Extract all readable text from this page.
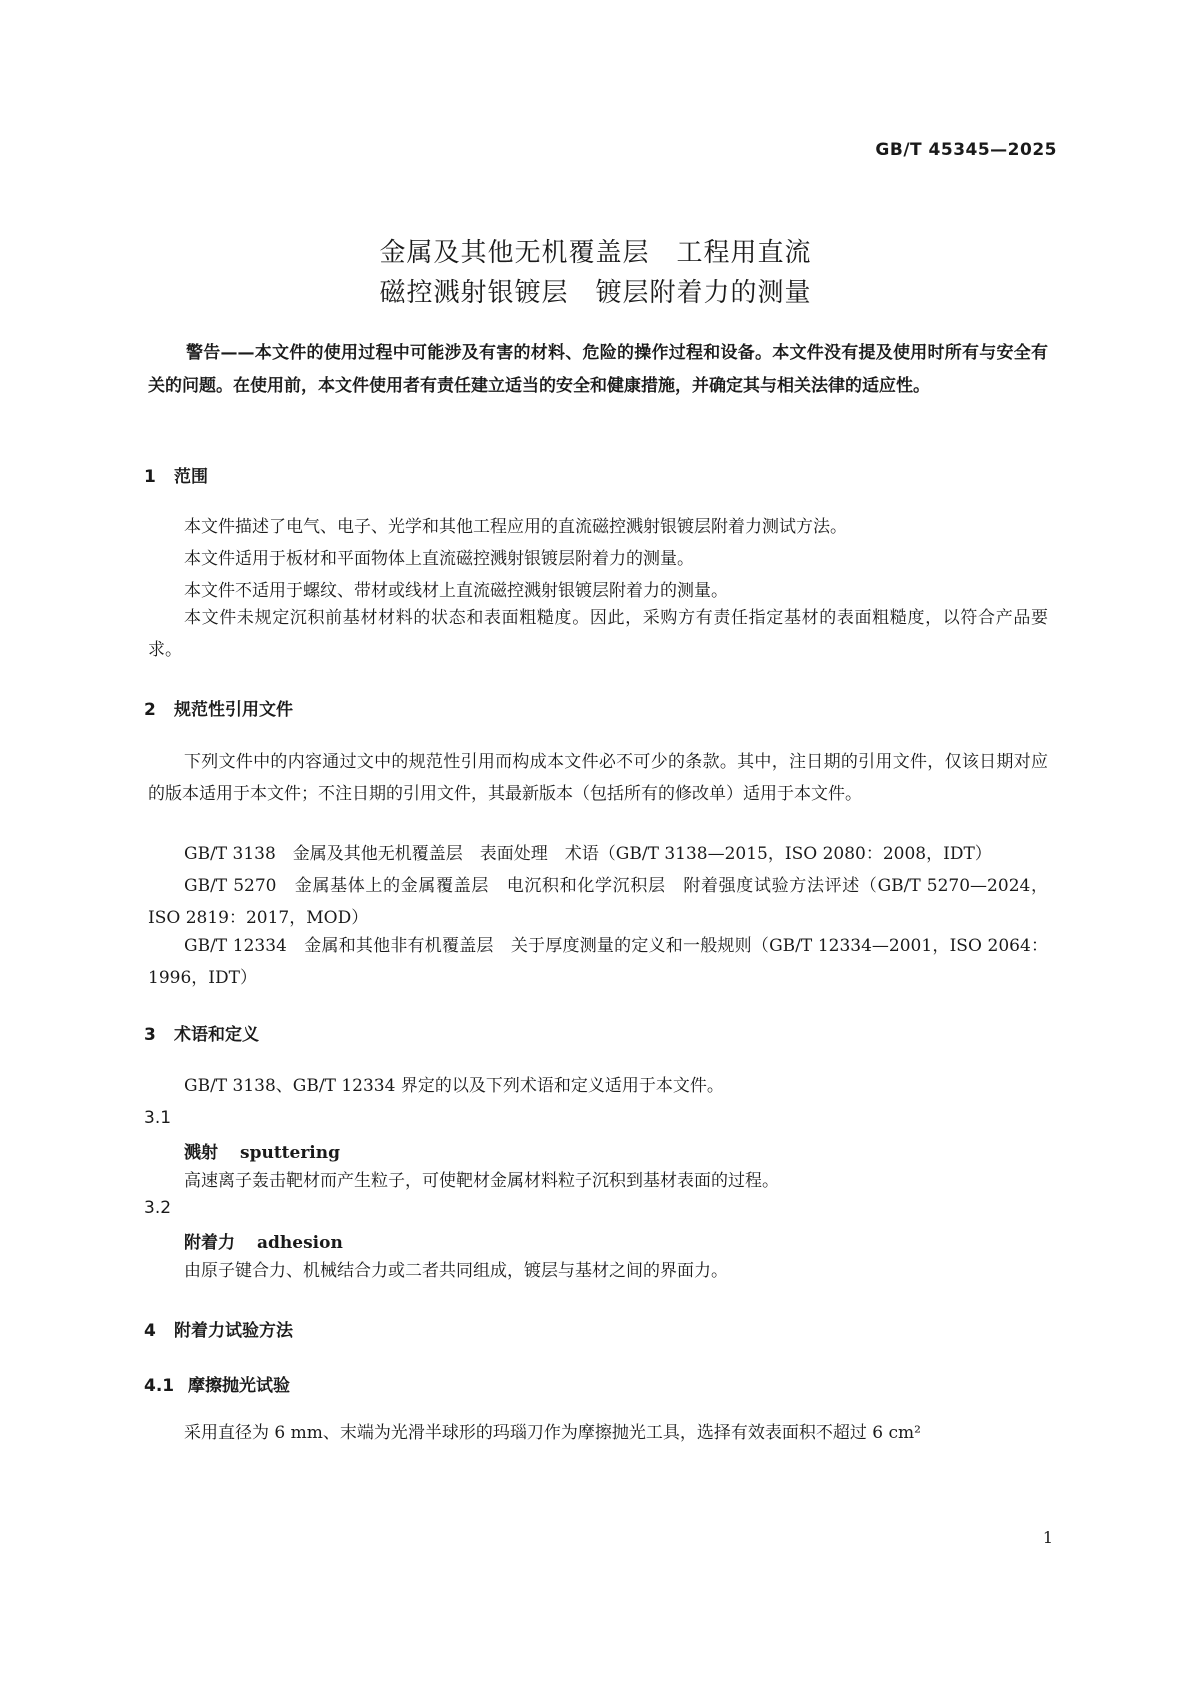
GB/T 45345—2025
金属及其他无机覆盖层　工程用直流
磁控溅射银镀层　镀层附着力的测量
警告——本文件的使用过程中可能涉及有害的材料、危险的操作过程和设备。本文件没有提及使用时所有与安全有关的问题。在使用前，本文件使用者有责任建立适当的安全和健康措施，并确定其与相关法律的适应性。
1 范围
本文件描述了电气、电子、光学和其他工程应用的直流磁控溅射银镀层附着力测试方法。
本文件适用于板材和平面物体上直流磁控溅射银镀层附着力的测量。
本文件不适用于螺纹、带材或线材上直流磁控溅射银镀层附着力的测量。
本文件未规定沉积前基材材料的状态和表面粗糙度。因此，采购方有责任指定基材的表面粗糙度，以符合产品要求。
2 规范性引用文件
下列文件中的内容通过文中的规范性引用而构成本文件必不可少的条款。其中，注日期的引用文件，仅该日期对应的版本适用于本文件；不注日期的引用文件，其最新版本（包括所有的修改单）适用于本文件。
GB/T 3138　金属及其他无机覆盖层　表面处理　术语（GB/T 3138—2015，ISO 2080：2008，IDT）
GB/T 5270　金属基体上的金属覆盖层　电沉积和化学沉积层　附着强度试验方法评述（GB/T 5270—2024，ISO 2819：2017，MOD）
GB/T 12334　金属和其他非有机覆盖层　关于厚度测量的定义和一般规则（GB/T 12334—2001，ISO 2064：1996，IDT）
3 术语和定义
GB/T 3138、GB/T 12334 界定的以及下列术语和定义适用于本文件。
3.1
溅射 sputtering
高速离子轰击靶材而产生粒子，可使靶材金属材料粒子沉积到基材表面的过程。
3.2
附着力 adhesion
由原子键合力、机械结合力或二者共同组成，镀层与基材之间的界面力。
4 附着力试验方法
4.1 摩擦抛光试验
采用直径为 6 mm、末端为光滑半球形的玛瑙刀作为摩擦抛光工具，选择有效表面积不超过 6 cm²
1
